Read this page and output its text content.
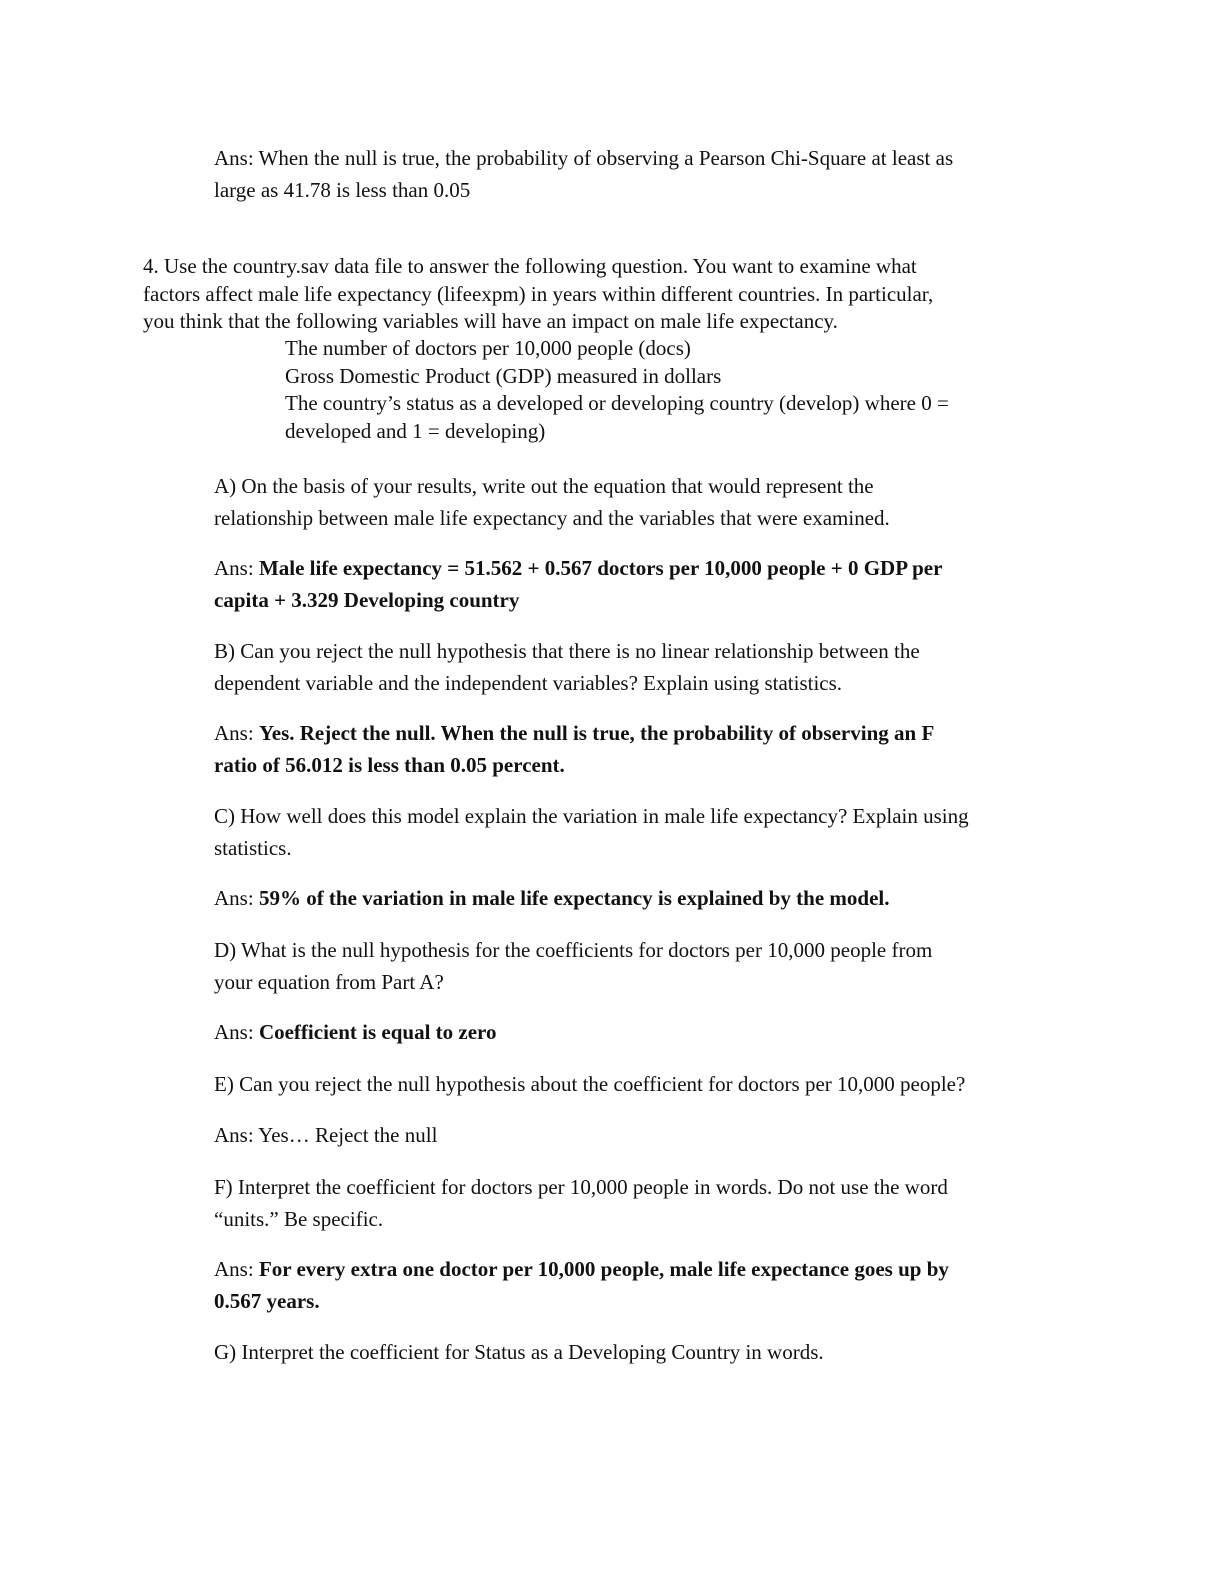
Ans: When the null is true, the probability of observing a Pearson Chi-Square at least as
large as 41.78 is less than 0.05

4. Use the country.sav data file to answer the following question. You want to examine what
factors affect male life expectancy (lifeexpm) in years within different countries. In particular,
you think that the following variables will have an impact on male life expectancy.

The number of doctors per 10,000 people (docs)
Gross Domestic Product (GDP) measured in dollars
The country’s status as a developed or developing country (develop) where 0 =
developed and 1 = developing)

A) On the basis of your results, write out the equation that would represent the
relationship between male life expectancy and the variables that were examined.

Ans: Male life expectancy = 51.562 + 0.567 doctors per 10,000 people + 0 GDP per
capita + 3.329 Developing country

B) Can you reject the null hypothesis that there is no linear relationship between the
dependent variable and the independent variables? Explain using statistics.

Ans: Yes. Reject the null. When the null is true, the probability of observing an F
ratio of 56.012 is less than 0.05 percent.

C) How well does this model explain the variation in male life expectancy? Explain using
statistics.

Ans: 59% of the variation in male life expectancy is explained by the model.

D) What is the null hypothesis for the coefficients for doctors per 10,000 people from
your equation from Part A?

Ans: Coefficient is equal to zero

E) Can you reject the null hypothesis about the coefficient for doctors per 10,000 people?

Ans: Yes… Reject the null

F) Interpret the coefficient for doctors per 10,000 people in words. Do not use the word
“units.” Be specific.

Ans: For every extra one doctor per 10,000 people, male life expectance goes up by
0.567 years.

G) Interpret the coefficient for Status as a Developing Country in words.
